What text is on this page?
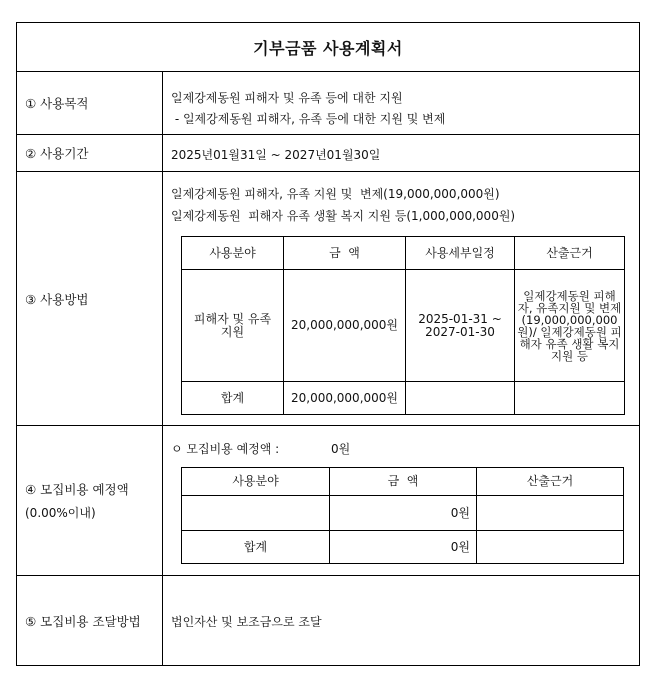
기부금품 사용계획서
① 사용목적	일제강제동원 피해자 및 유족 등에 대한 지원
- 일제강제동원 피해자, 유족 등에 대한 지원 및 변제
② 사용기간	2025년01월31일 ~ 2027년01월30일
③ 사용방법
일제강제동원 피해자, 유족 지원 및  변제(19,000,000,000원)
일제강제동원  피해자 유족 생활 복지 지원 등(1,000,000,000원)
사용분야	금  액	사용세부일정	산출근거
피해자 및 유족 지원	20,000,000,000원	2025-01-31 ~ 2027-01-30	일제강제동원 피해자, 유족지원 및 변제(19,000,000,000원)/ 일제강제동원 피해자 유족 생활 복지 지원 등
합계	20,000,000,000원		
④ 모집비용 예정액
(0.00%이내)
ㅇ 모집비용 예정액 :	0원
사용분야	금  액	산출근거
	0원	
합계	0원	
⑤ 모집비용 조달방법	법인자산 및 보조금으로 조달
